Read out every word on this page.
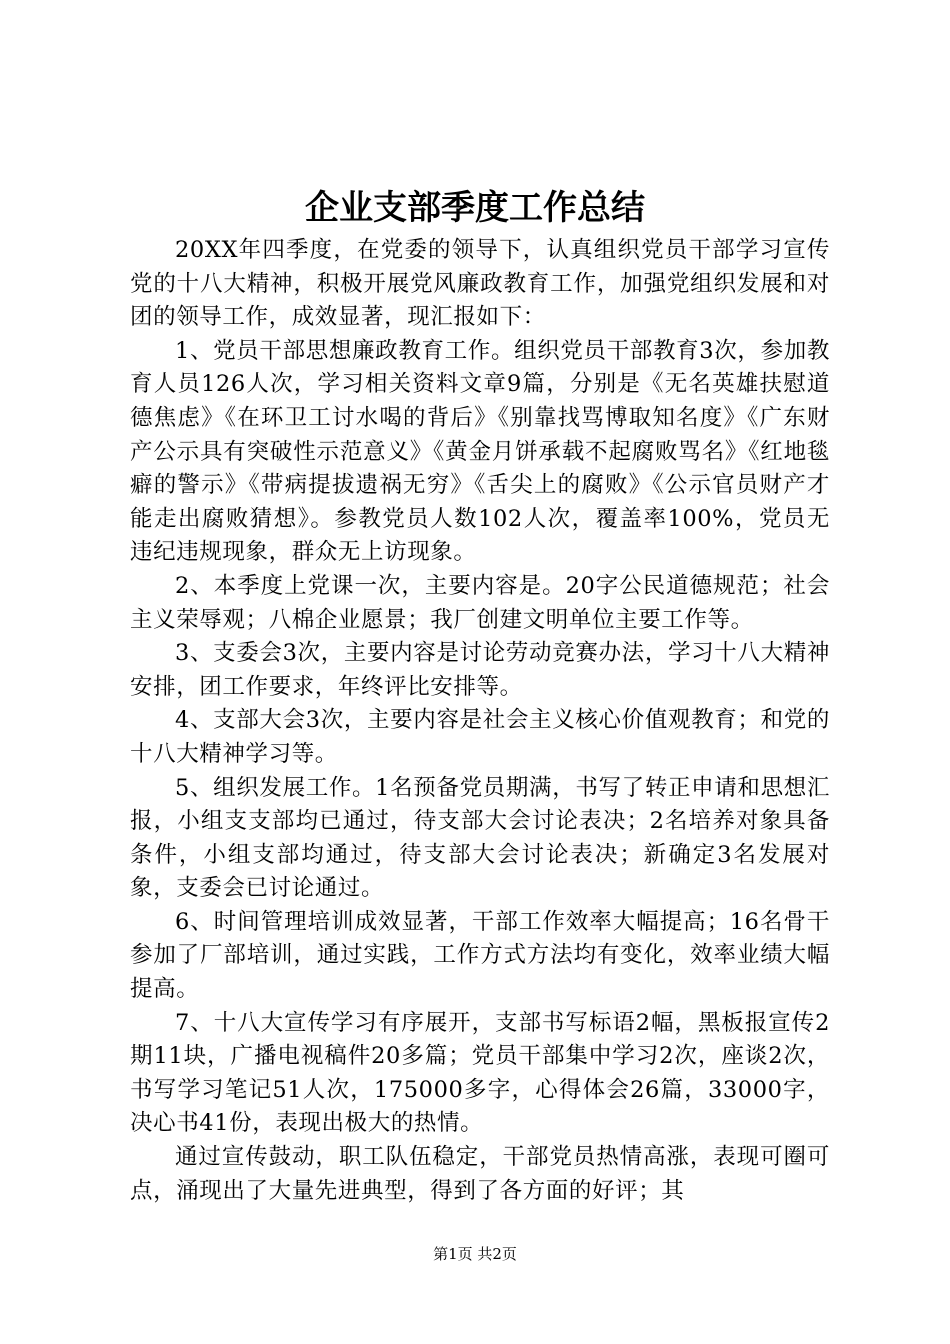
企业支部季度工作总结

20XX年四季度，在党委的领导下，认真组织党员干部学习宣传党的十八大精神，积极开展党风廉政教育工作，加强党组织发展和对团的领导工作，成效显著，现汇报如下：

1、党员干部思想廉政教育工作。组织党员干部教育3次，参加教育人员126人次，学习相关资料文章9篇，分别是《无名英雄扶慰道德焦虑》《在环卫工讨水喝的背后》《别靠找骂博取知名度》《广东财产公示具有突破性示范意义》《黄金月饼承载不起腐败骂名》《红地毯癖的警示》《带病提拔遗祸无穷》《舌尖上的腐败》《公示官员财产才能走出腐败猜想》。参教党员人数102人次，覆盖率100%，党员无违纪违规现象，群众无上访现象。

2、本季度上党课一次，主要内容是。20字公民道德规范；社会主义荣辱观；八棉企业愿景；我厂创建文明单位主要工作等。

3、支委会3次，主要内容是讨论劳动竞赛办法，学习十八大精神安排，团工作要求，年终评比安排等。

4、支部大会3次，主要内容是社会主义核心价值观教育；和党的十八大精神学习等。

5、组织发展工作。1名预备党员期满，书写了转正申请和思想汇报，小组支支部均已通过，待支部大会讨论表决；2名培养对象具备条件，小组支部均通过，待支部大会讨论表决；新确定3名发展对象，支委会已讨论通过。

6、时间管理培训成效显著，干部工作效率大幅提高；16名骨干参加了厂部培训，通过实践，工作方式方法均有变化，效率业绩大幅提高。

7、十八大宣传学习有序展开，支部书写标语2幅，黑板报宣传2期11块，广播电视稿件20多篇；党员干部集中学习2次，座谈2次，书写学习笔记51人次，175000多字，心得体会26篇，33000字，决心书41份，表现出极大的热情。

通过宣传鼓动，职工队伍稳定，干部党员热情高涨，表现可圈可点，涌现出了大量先进典型，得到了各方面的好评；其

第1页 共2页
